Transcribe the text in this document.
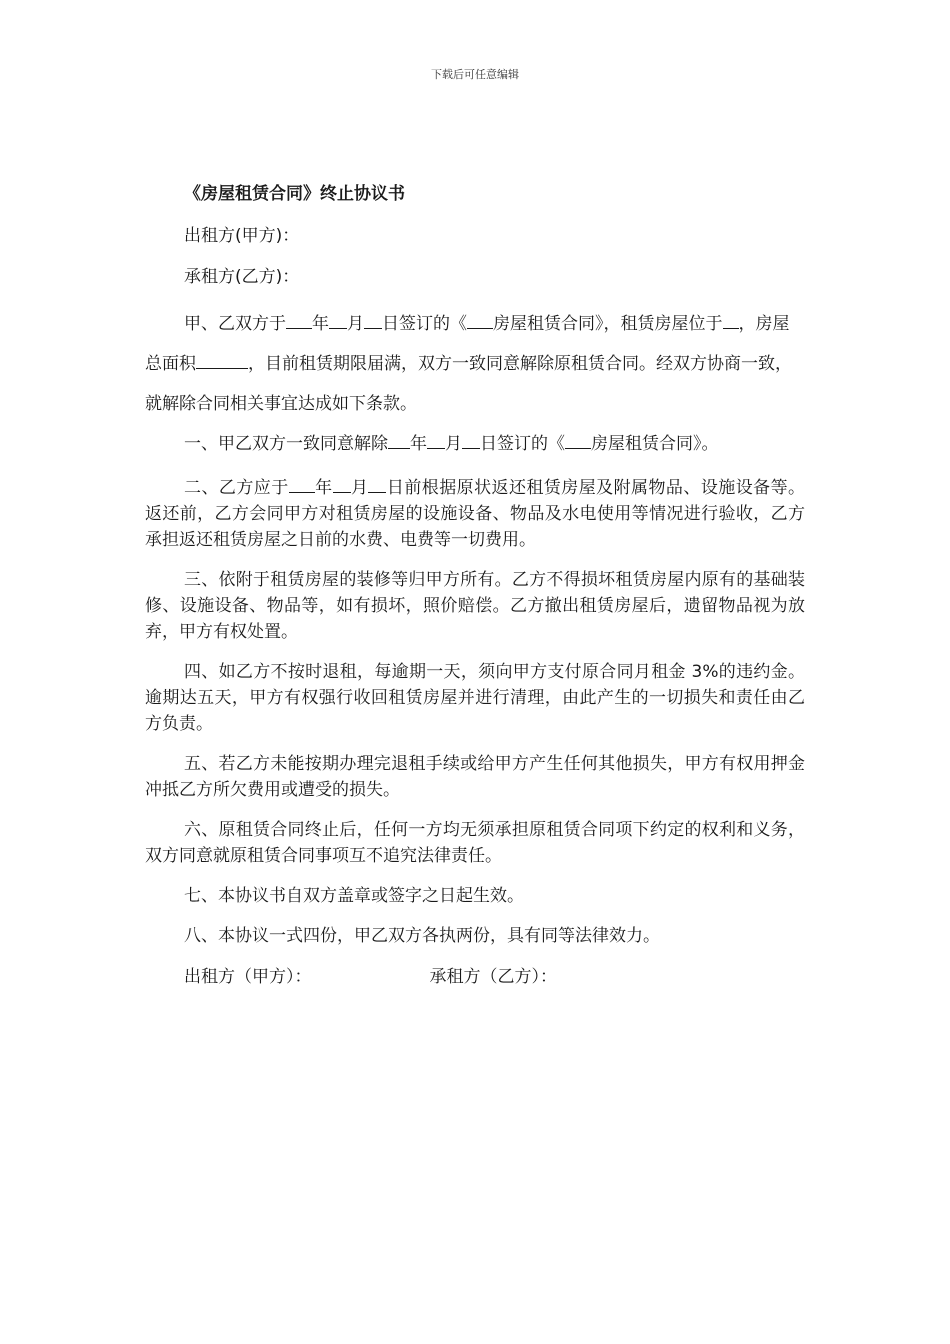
下载后可任意编辑
《房屋租赁合同》终止协议书
出租方(甲方)：
承租方(乙方)：

甲、乙双方于 年 月 日签订的《 房屋租赁合同》，租赁房屋位于 ，房屋总面积	，目前租赁期限届满，双方一致同意解除原租赁合同。经双方协商一致，就解除合同相关事宜达成如下条款。

一、甲乙双方一致同意解除 年 月 日签订的《 房屋租赁合同》。

二、乙方应于 年 月 日前根据原状返还租赁房屋及附属物品、设施设备等。返还前，乙方会同甲方对租赁房屋的设施设备、物品及水电使用等情况进行验收，乙方承担返还租赁房屋之日前的水费、电费等一切费用。

三、依附于租赁房屋的装修等归甲方所有。乙方不得损坏租赁房屋内原有的基础装修、设施设备、物品等，如有损坏，照价赔偿。乙方撤出租赁房屋后，遗留物品视为放弃，甲方有权处置。

四、如乙方不按时退租，每逾期一天，须向甲方支付原合同月租金 3%的违约金。逾期达五天，甲方有权强行收回租赁房屋并进行清理，由此产生的一切损失和责任由乙方负责。

五、若乙方未能按期办理完退租手续或给甲方产生任何其他损失，甲方有权用押金冲抵乙方所欠费用或遭受的损失。

六、原租赁合同终止后，任何一方均无须承担原租赁合同项下约定的权利和义务，双方同意就原租赁合同事项互不追究法律责任。

七、本协议书自双方盖章或签字之日起生效。

八、本协议一式四份，甲乙双方各执两份，具有同等法律效力。

出租方（甲方）：	承租方（乙方）：
